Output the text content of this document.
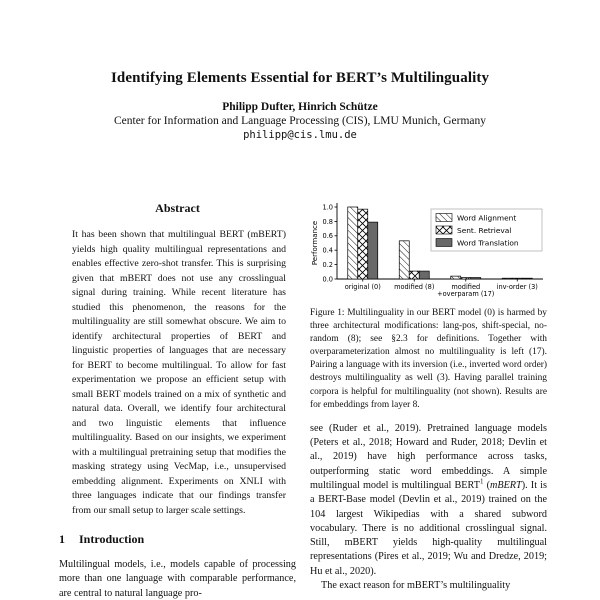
Identifying Elements Essential for BERT’s Multilinguality
Philipp Dufter, Hinrich Schütze
Center for Information and Language Processing (CIS), LMU Munich, Germany
philipp@cis.lmu.de
Abstract
It has been shown that multilingual BERT (mBERT) yields high quality multilingual representations and enables effective zero-shot transfer. This is surprising given that mBERT does not use any crosslingual signal during training. While recent literature has studied this phenomenon, the reasons for the multilinguality are still somewhat obscure. We aim to identify architectural properties of BERT and linguistic properties of languages that are necessary for BERT to become multilingual. To allow for fast experimentation we propose an efficient setup with small BERT models trained on a mix of synthetic and natural data. Overall, we identify four architectural and two linguistic elements that influence multilinguality. Based on our insights, we experiment with a multilingual pretraining setup that modifies the masking strategy using VecMap, i.e., unsupervised embedding alignment. Experiments on XNLI with three languages indicate that our findings transfer from our small setup to larger scale settings.
1 Introduction
Multilingual models, i.e., models capable of processing more than one language with comparable performance, are central to natural language pro-
0.0
0.2
0.4
0.6
0.8
1.0
original (0) modified (8)	modified +overparam (17)
inv-order (3)
Performance
Word Alignment
Sent. Retrieval
Word Translation
Figure 1: Multilinguality in our BERT model (0) is harmed by three architectural modifications: lang-pos, shift-special, no-random (8); see §2.3 for definitions. Together with overparameterization almost no multilinguality is left (17). Pairing a language with its inversion (i.e., inverted word order) destroys multilinguality as well (3). Having parallel training corpora is helpful for multilinguality (not shown). Results are for embeddings from layer 8.
see (Ruder et al., 2019). Pretrained language models (Peters et al., 2018; Howard and Ruder, 2018; Devlin et al., 2019) have high performance across tasks, outperforming static word embeddings. A simple multilingual model is multilingual BERT$^1$ (mBERT). It is a BERT-Base model (Devlin et al., 2019) trained on the 104 largest Wikipedias with a shared subword vocabulary. There is no additional crosslingual signal. Still, mBERT yields high-quality multilingual representations (Pires et al., 2019; Wu and Dredze, 2019; Hu et al., 2020).
The exact reason for mBERT’s multilinguality
